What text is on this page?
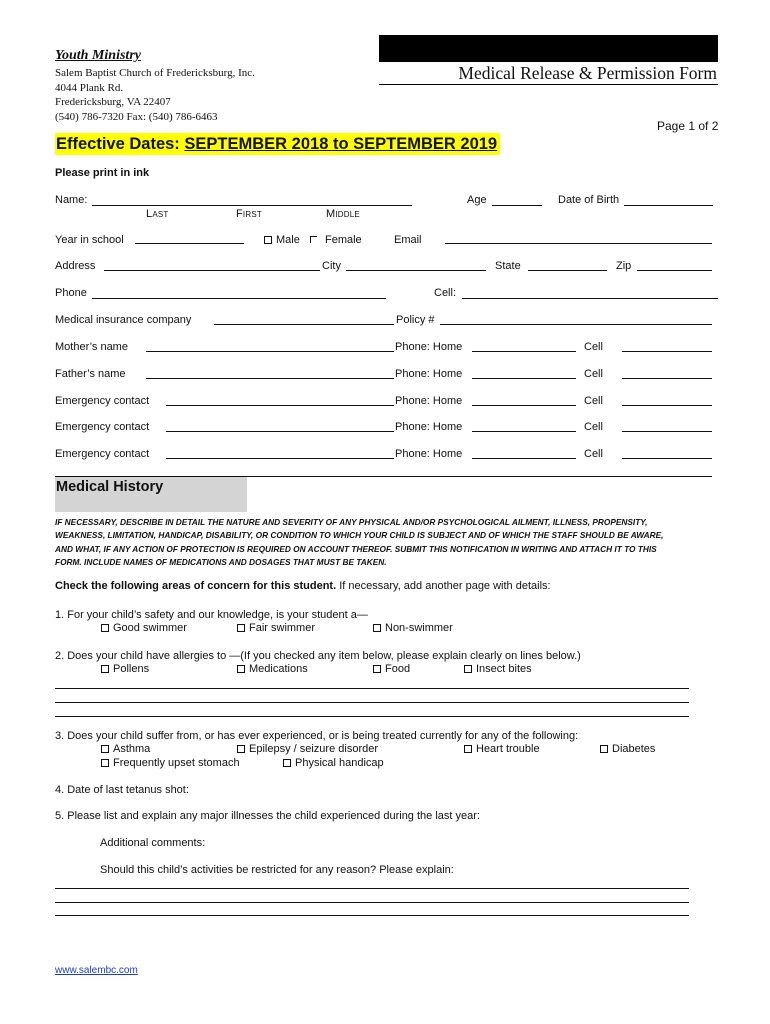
Youth Ministry
Salem Baptist Church of Fredericksburg, Inc.
4044 Plank Rd.
Fredericksburg, VA 22407
(540) 786-7320 Fax: (540) 786-6463
Medical Release & Permission Form
Page 1 of 2
Effective Dates: SEPTEMBER 2018 to SEPTEMBER 2019
Please print in ink
Name:
Last	First	Middle
Age	Date of Birth
Year in school	Male	Female	Email
Address	City	State	Zip
Phone	Cell:
Medical insurance company	Policy #
Mother’s name	Phone: Home	Cell
Father’s name	Phone: Home	Cell
Emergency contact	Phone: Home	Cell
Emergency contact	Phone: Home	Cell
Emergency contact	Phone: Home	Cell
Medical History
IF NECESSARY, DESCRIBE IN DETAIL THE NATURE AND SEVERITY OF ANY PHYSICAL AND/OR PSYCHOLOGICAL AILMENT, ILLNESS, PROPENSITY,
WEAKNESS, LIMITATION, HANDICAP, DISABILITY, OR CONDITION TO WHICH YOUR CHILD IS SUBJECT AND OF WHICH THE STAFF SHOULD BE AWARE,
AND WHAT, IF ANY ACTION OF PROTECTION IS REQUIRED ON ACCOUNT THEREOF. SUBMIT THIS NOTIFICATION IN WRITING AND ATTACH IT TO THIS
FORM. INCLUDE NAMES OF MEDICATIONS AND DOSAGES THAT MUST BE TAKEN.
Check the following areas of concern for this student. If necessary, add another page with details:
1. For your child’s safety and our knowledge, is your student a—
Good swimmer	Fair swimmer	Non-swimmer
2. Does your child have allergies to —(If you checked any item below, please explain clearly on lines below.)
Pollens	Medications	Food	Insect bites
3. Does your child suffer from, or has ever experienced, or is being treated currently for any of the following:
Asthma	Epilepsy / seizure disorder	Heart trouble	Diabetes
Frequently upset stomach	Physical handicap
4. Date of last tetanus shot:
5. Please list and explain any major illnesses the child experienced during the last year:
Additional comments:
Should this child’s activities be restricted for any reason? Please explain:
www.salembc.com
